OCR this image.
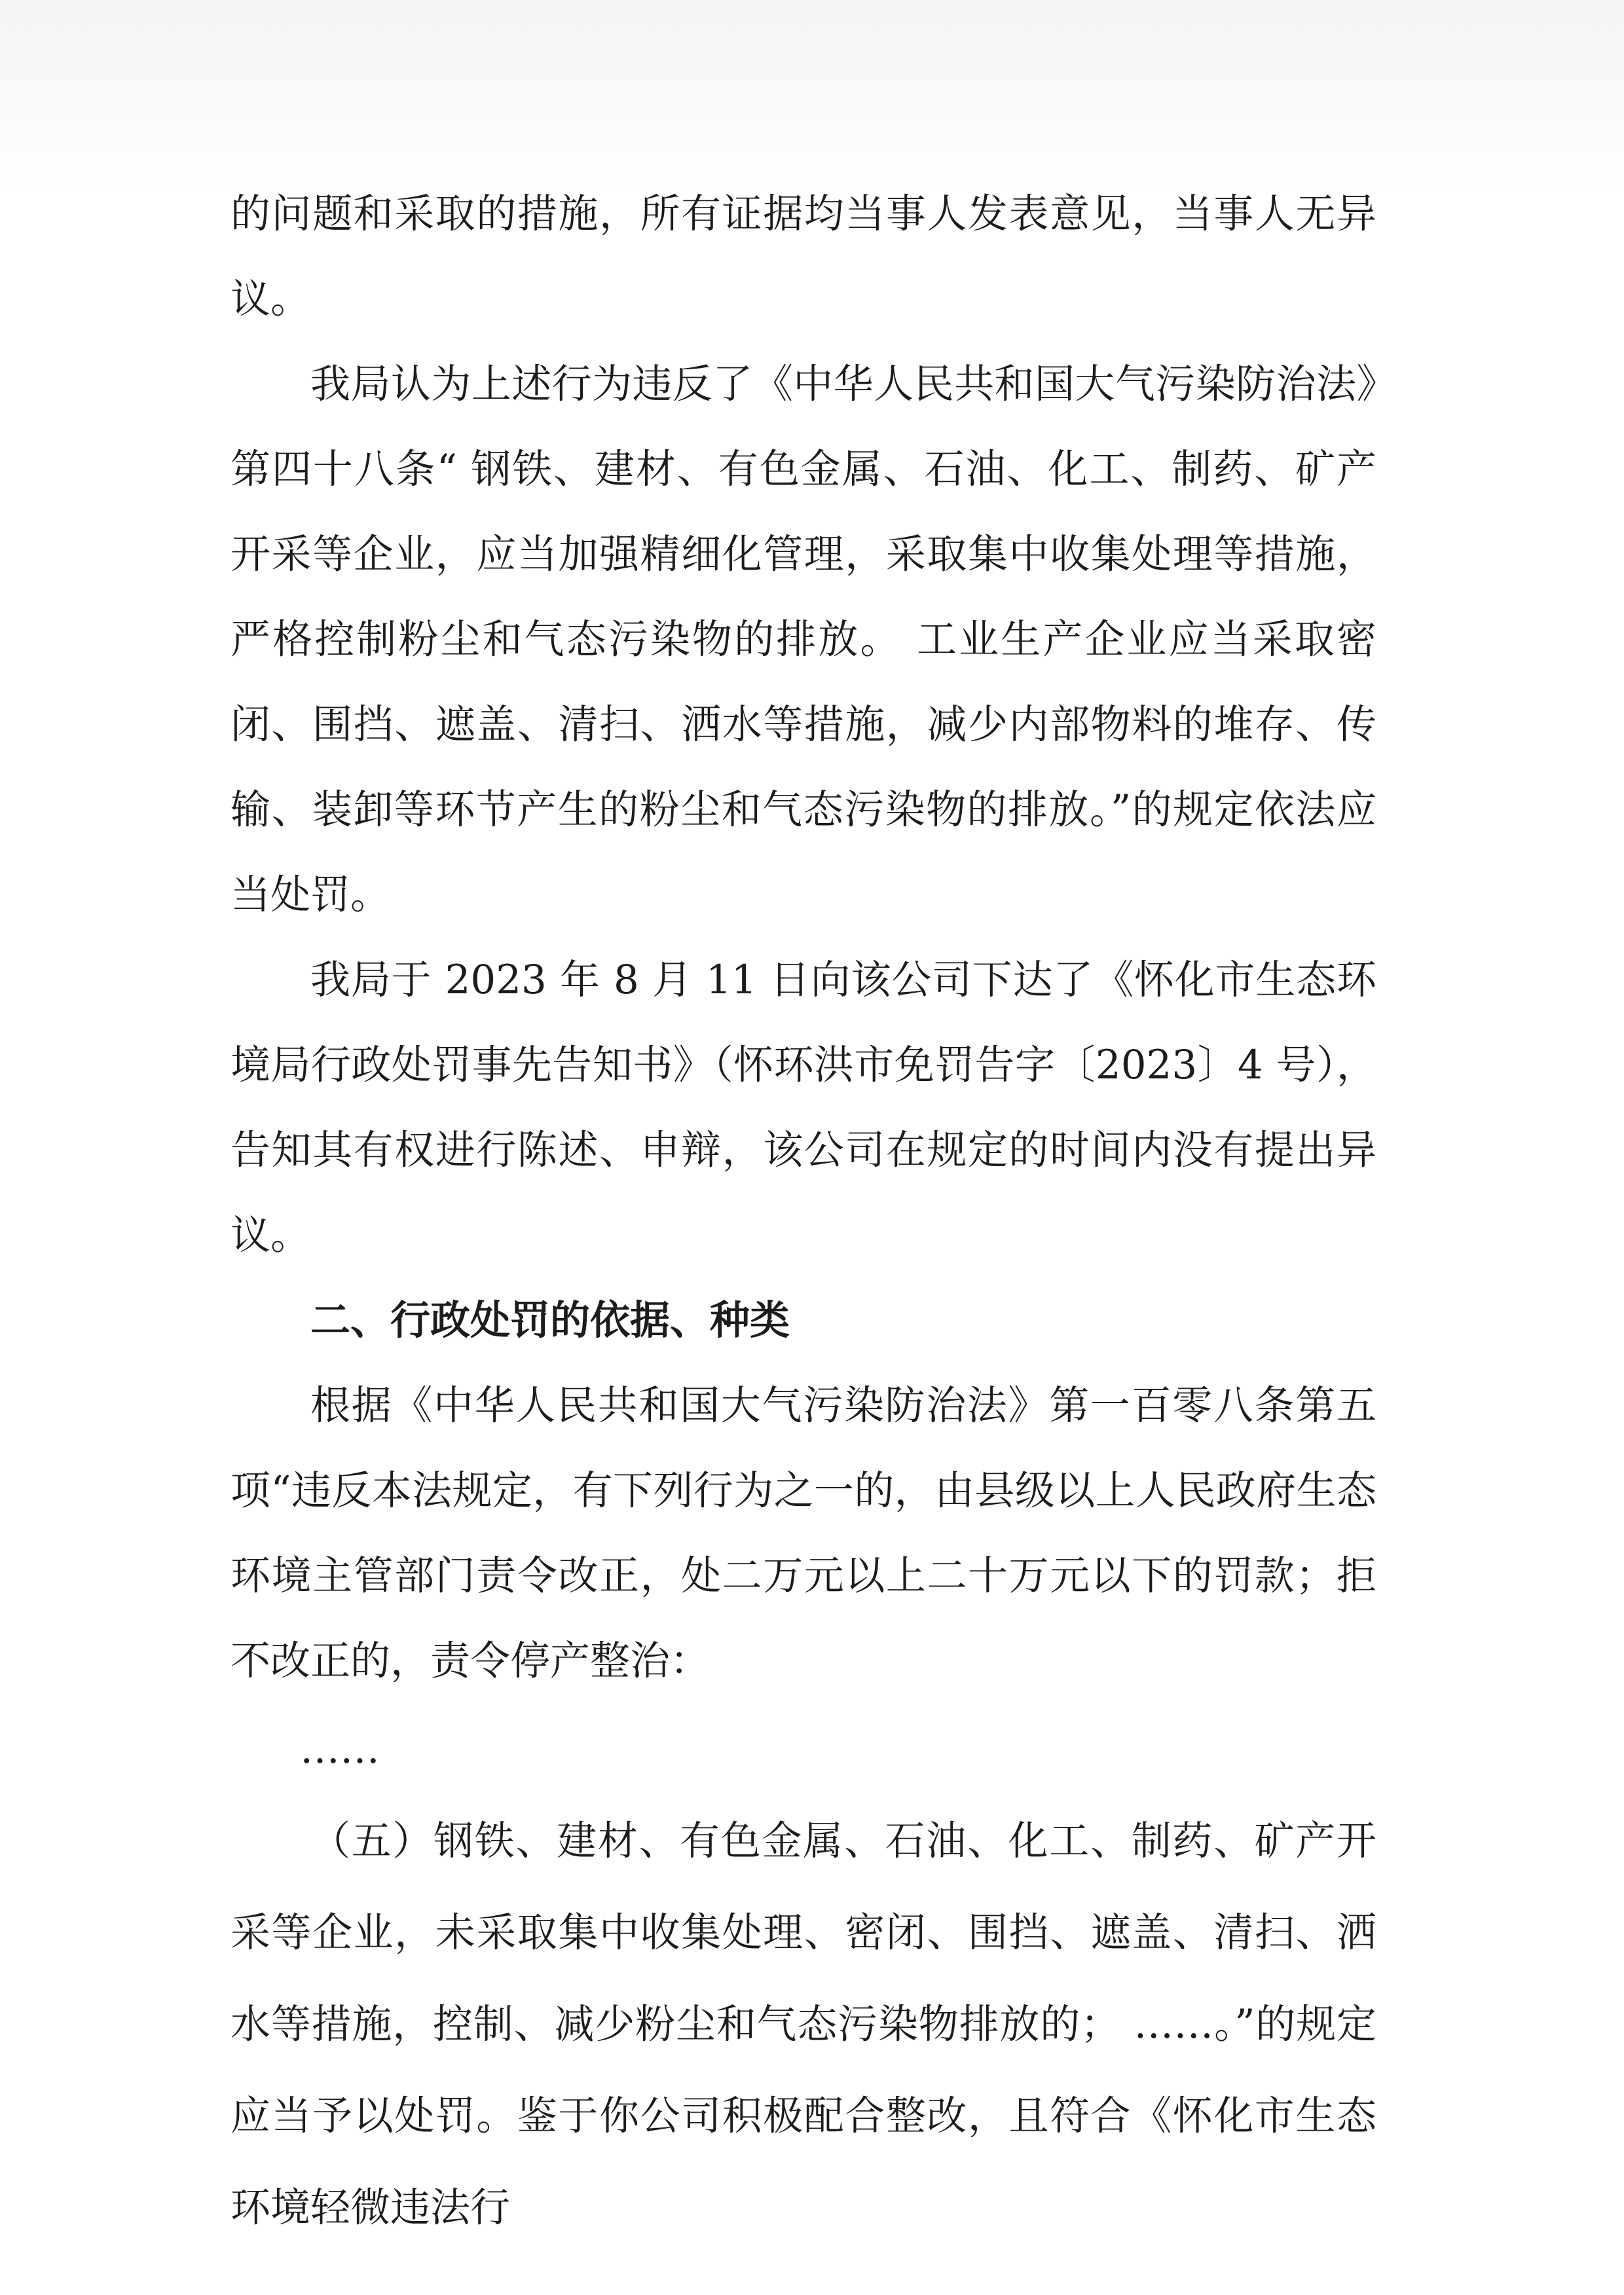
的问题和采取的措施，所有证据均当事人发表意见，当事人无异议。

我局认为上述行为违反了《中华人民共和国大气污染防治法》第四十八条“ 钢铁、建材、有色金属、石油、化工、制药、矿产开采等企业，应当加强精细化管理，采取集中收集处理等措施，严格控制粉尘和气态污染物的排放。 工业生产企业应当采取密闭、围挡、遮盖、清扫、洒水等措施，减少内部物料的堆存、传输、装卸等环节产生的粉尘和气态污染物的排放。”的规定依法应当处罚。

我局于 2023 年 8 月 11 日向该公司下达了《怀化市生态环境局行政处罚事先告知书》（怀环洪市免罚告字〔2023〕4 号），告知其有权进行陈述、申辩，该公司在规定的时间内没有提出异议。

二、行政处罚的依据、种类

根据《中华人民共和国大气污染防治法》第一百零八条第五项“违反本法规定，有下列行为之一的，由县级以上人民政府生态环境主管部门责令改正，处二万元以上二十万元以下的罚款；拒不改正的，责令停产整治：

……

（五）钢铁、建材、有色金属、石油、化工、制药、矿产开采等企业，未采取集中收集处理、密闭、围挡、遮盖、清扫、洒水等措施，控制、减少粉尘和气态污染物排放的； ……。”的规定应当予以处罚。鉴于你公司积极配合整改，且符合《怀化市生态环境轻微违法行
